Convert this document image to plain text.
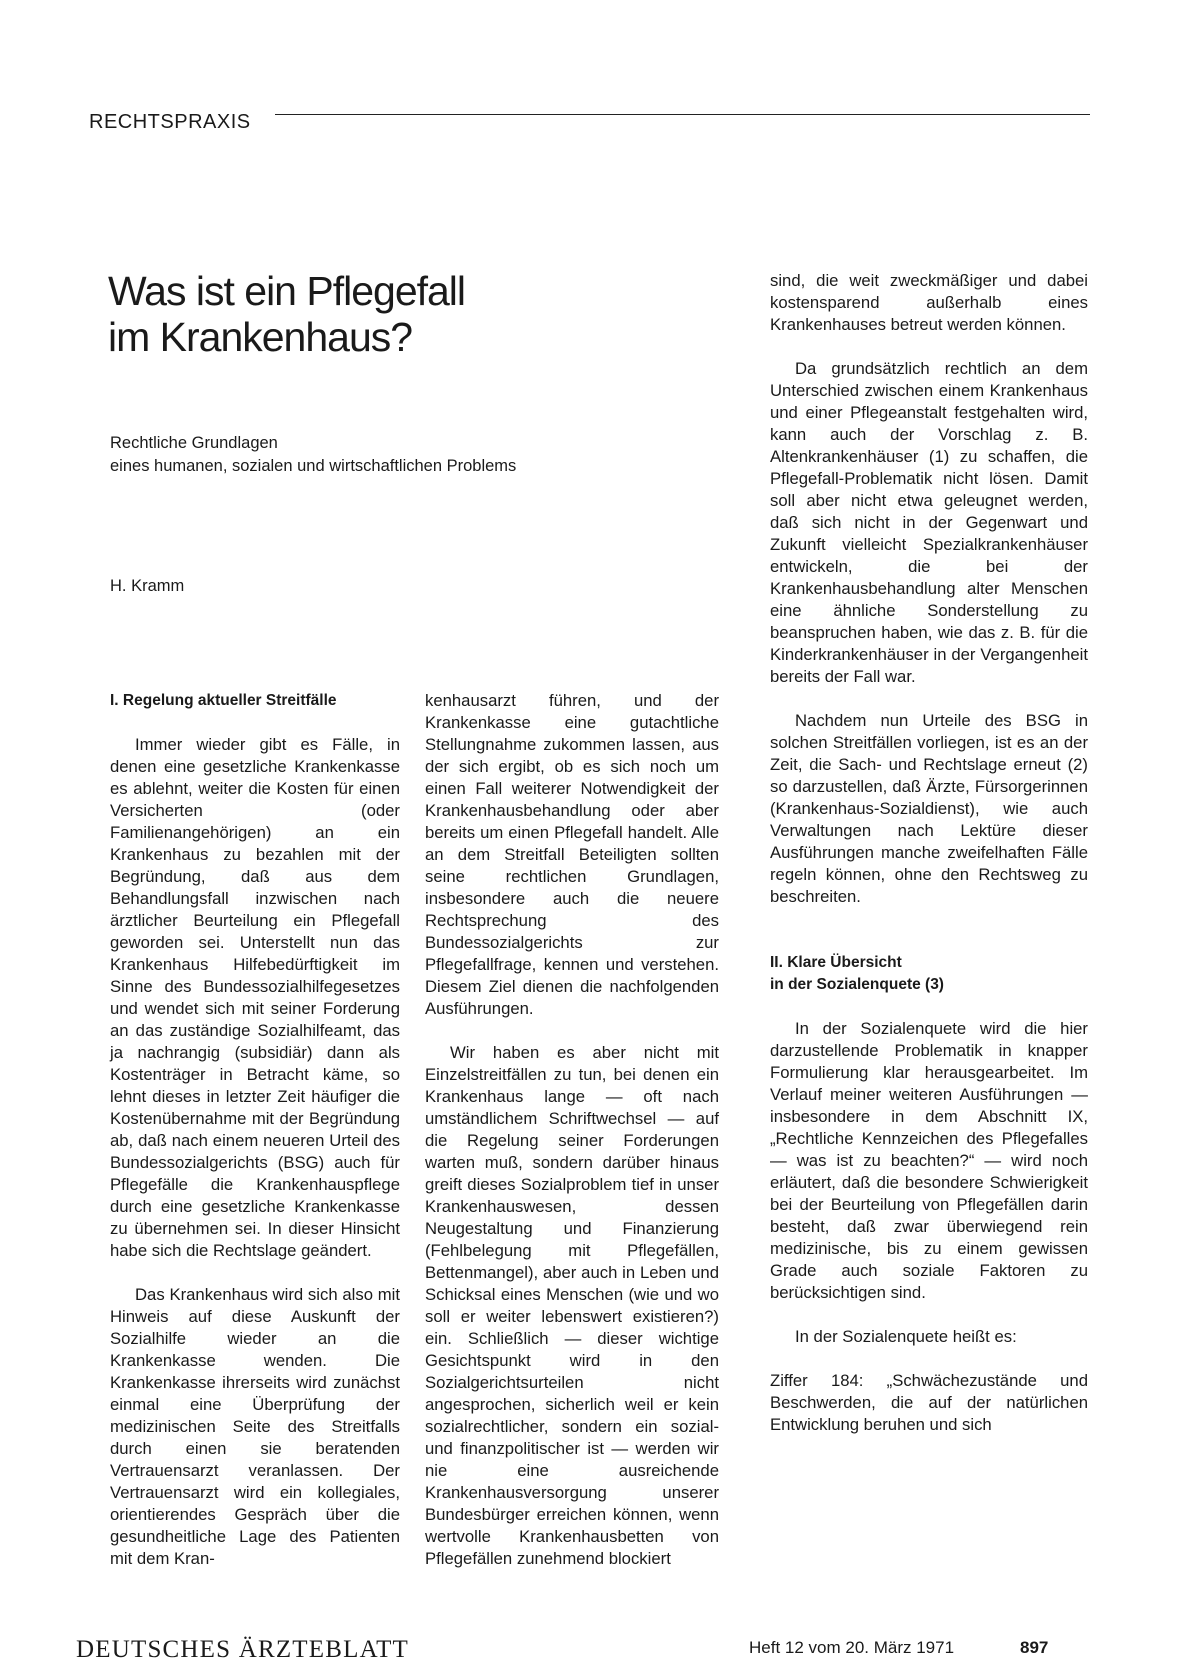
RECHTSPRAXIS
Was ist ein Pflegefall
im Krankenhaus?
Rechtliche Grundlagen
eines humanen, sozialen und wirtschaftlichen Problems
H. Kramm
I. Regelung aktueller Streitfälle

Immer wieder gibt es Fälle, in denen eine gesetzliche Krankenkasse es ablehnt, weiter die Kosten für einen Versicherten (oder Familienangehörigen) an ein Krankenhaus zu bezahlen mit der Begründung, daß aus dem Behandlungsfall inzwischen nach ärztlicher Beurteilung ein Pflegefall geworden sei. Unterstellt nun das Krankenhaus Hilfebedürftigkeit im Sinne des Bundessozialhilfegesetzes und wendet sich mit seiner Forderung an das zuständige Sozialhilfeamt, das ja nachrangig (subsidiär) dann als Kostenträger in Betracht käme, so lehnt dieses in letzter Zeit häufiger die Kostenübernahme mit der Begründung ab, daß nach einem neueren Urteil des Bundessozialgerichts (BSG) auch für Pflegefälle die Krankenhauspflege durch eine gesetzliche Krankenkasse zu übernehmen sei. In dieser Hinsicht habe sich die Rechtslage geändert.

Das Krankenhaus wird sich also mit Hinweis auf diese Auskunft der Sozialhilfe wieder an die Krankenkasse wenden. Die Krankenkasse ihrerseits wird zunächst einmal eine Überprüfung der medizinischen Seite des Streitfalls durch einen sie beratenden Vertrauensarzt veranlassen. Der Vertrauensarzt wird ein kollegiales, orientierendes Gespräch über die gesundheitliche Lage des Patienten mit dem Kran-

kenhausarzt führen, und der Krankenkasse eine gutachtliche Stellungnahme zukommen lassen, aus der sich ergibt, ob es sich noch um einen Fall weiterer Notwendigkeit der Krankenhausbehandlung oder aber bereits um einen Pflegefall handelt. Alle an dem Streitfall Beteiligten sollten seine rechtlichen Grundlagen, insbesondere auch die neuere Rechtsprechung des Bundessozialgerichts zur Pflegefallfrage, kennen und verstehen. Diesem Ziel dienen die nachfolgenden Ausführungen.

Wir haben es aber nicht mit Einzelstreitfällen zu tun, bei denen ein Krankenhaus lange — oft nach umständlichem Schriftwechsel — auf die Regelung seiner Forderungen warten muß, sondern darüber hinaus greift dieses Sozialproblem tief in unser Krankenhauswesen, dessen Neugestaltung und Finanzierung (Fehlbelegung mit Pflegefällen, Bettenmangel), aber auch in Leben und Schicksal eines Menschen (wie und wo soll er weiter lebenswert existieren?) ein. Schließlich — dieser wichtige Gesichtspunkt wird in den Sozialgerichtsurteilen nicht angesprochen, sicherlich weil er kein sozialrechtlicher, sondern ein sozial- und finanzpolitischer ist — werden wir nie eine ausreichende Krankenhausversorgung unserer Bundesbürger erreichen können, wenn wertvolle Krankenhausbetten von Pflegefällen zunehmend blockiert

sind, die weit zweckmäßiger und dabei kostensparend außerhalb eines Krankenhauses betreut werden können.

Da grundsätzlich rechtlich an dem Unterschied zwischen einem Krankenhaus und einer Pflegeanstalt festgehalten wird, kann auch der Vorschlag z. B. Altenkrankenhäuser (1) zu schaffen, die Pflegefall-Problematik nicht lösen. Damit soll aber nicht etwa geleugnet werden, daß sich nicht in der Gegenwart und Zukunft vielleicht Spezialkrankenhäuser entwickeln, die bei der Krankenhausbehandlung alter Menschen eine ähnliche Sonderstellung zu beanspruchen haben, wie das z. B. für die Kinderkrankenhäuser in der Vergangenheit bereits der Fall war.

Nachdem nun Urteile des BSG in solchen Streitfällen vorliegen, ist es an der Zeit, die Sach- und Rechtslage erneut (2) so darzustellen, daß Ärzte, Fürsorgerinnen (Krankenhaus-Sozialdienst), wie auch Verwaltungen nach Lektüre dieser Ausführungen manche zweifelhaften Fälle regeln können, ohne den Rechtsweg zu beschreiten.

II. Klare Übersicht
in der Sozialenquete (3)

In der Sozialenquete wird die hier darzustellende Problematik in knapper Formulierung klar herausgearbeitet. Im Verlauf meiner weiteren Ausführungen — insbesondere in dem Abschnitt IX, „Rechtliche Kennzeichen des Pflegefalles — was ist zu beachten?“ — wird noch erläutert, daß die besondere Schwierigkeit bei der Beurteilung von Pflegefällen darin besteht, daß zwar überwiegend rein medizinische, bis zu einem gewissen Grade auch soziale Faktoren zu berücksichtigen sind.

In der Sozialenquete heißt es:

Ziffer 184: „Schwächezustände und Beschwerden, die auf der natürlichen Entwicklung beruhen und sich

DEUTSCHES ÄRZTEBLATT	Heft 12 vom 20. März 1971	897
